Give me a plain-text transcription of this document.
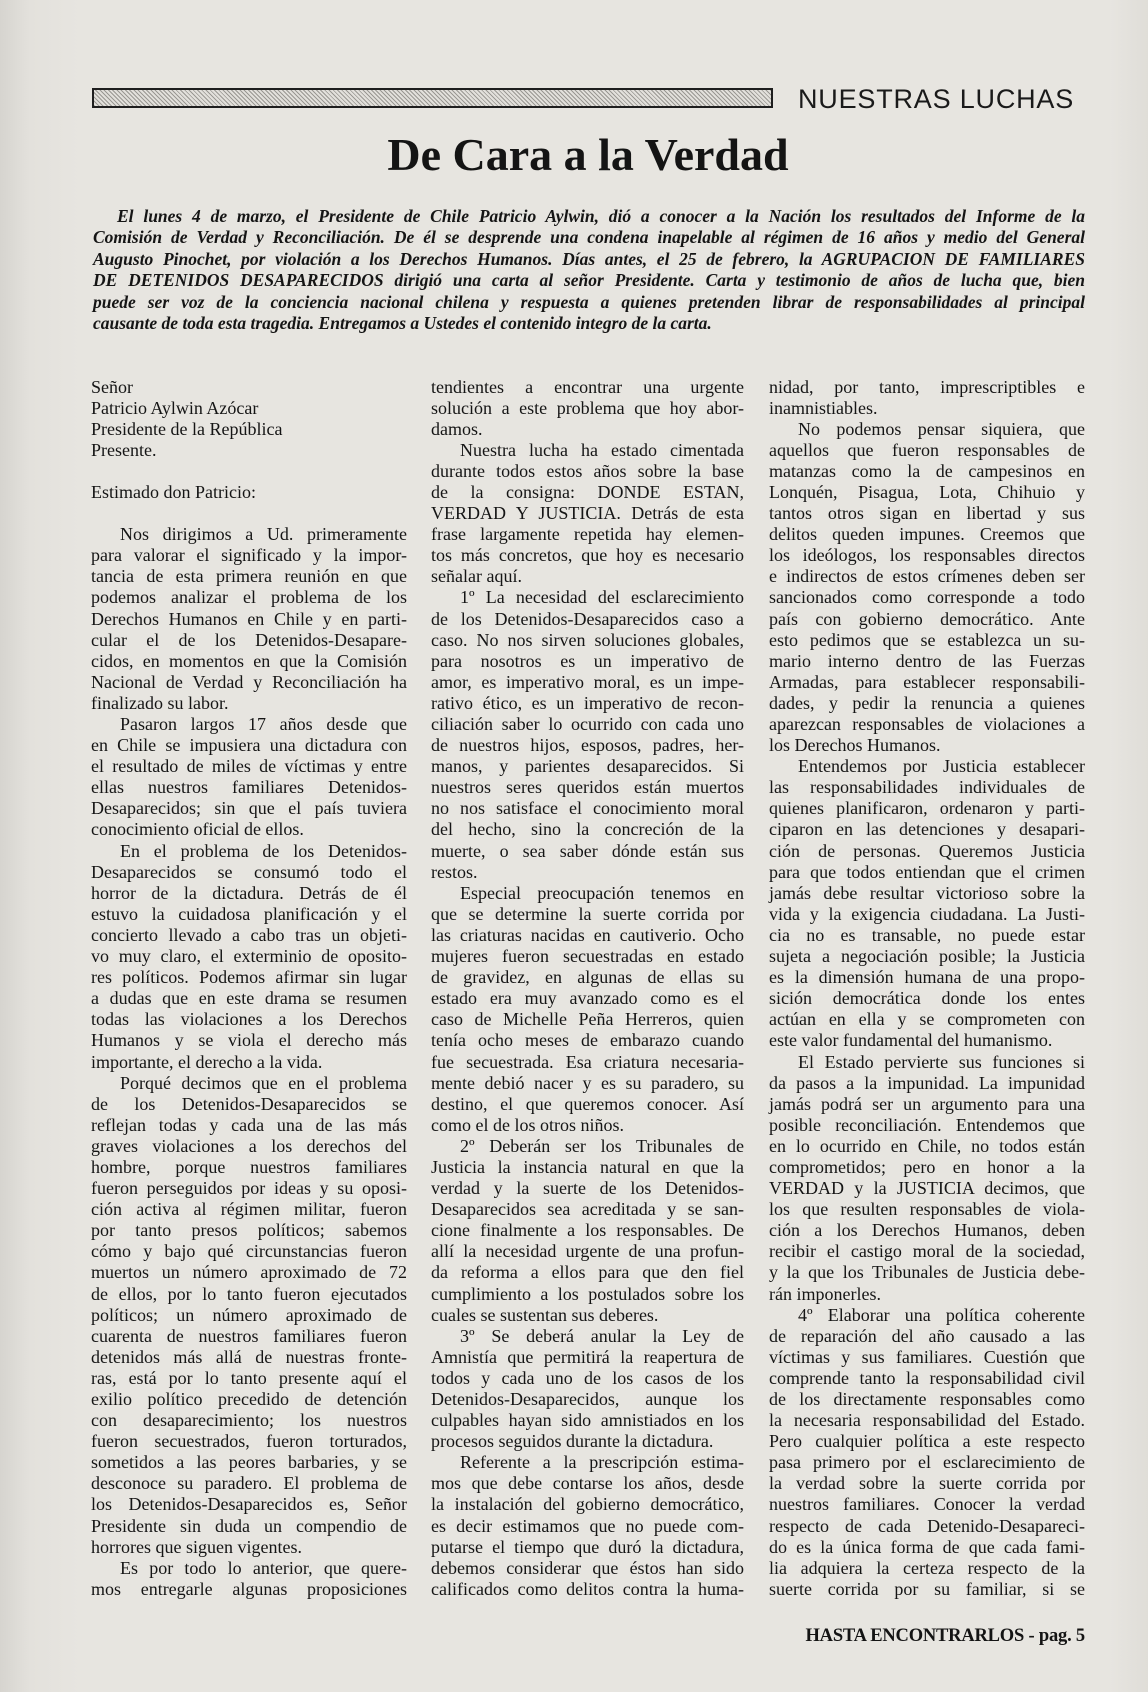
NUESTRAS LUCHAS
De Cara a la Verdad
El lunes 4 de marzo, el Presidente de Chile Patricio Aylwin, dió a conocer a la Nación los resultados del Informe de la
Comisión de Verdad y Reconciliación. De él se desprende una condena inapelable al régimen de 16 años y medio del General
Augusto Pinochet, por violación a los Derechos Humanos. Días antes, el 25 de febrero, la AGRUPACION DE FAMILIARES
DE DETENIDOS DESAPARECIDOS dirigió una carta al señor Presidente. Carta y testimonio de años de lucha que, bien
puede ser voz de la conciencia nacional chilena y respuesta a quienes pretenden librar de responsabilidades al principal
causante de toda esta tragedia. Entregamos a Ustedes el contenido integro de la carta.
Señor
Patricio Aylwin Azócar
Presidente de la República
Presente.
Estimado don Patricio:
Nos dirigimos a Ud. primeramente
para valorar el significado y la impor-
tancia de esta primera reunión en que
podemos analizar el problema de los
Derechos Humanos en Chile y en parti-
cular el de los Detenidos-Desapare-
cidos, en momentos en que la Comisión
Nacional de Verdad y Reconciliación ha
finalizado su labor.
Pasaron largos 17 años desde que
en Chile se impusiera una dictadura con
el resultado de miles de víctimas y entre
ellas nuestros familiares Detenidos-
Desaparecidos; sin que el país tuviera
conocimiento oficial de ellos.
En el problema de los Detenidos-
Desaparecidos se consumó todo el
horror de la dictadura. Detrás de él
estuvo la cuidadosa planificación y el
concierto llevado a cabo tras un objeti-
vo muy claro, el exterminio de oposito-
res políticos. Podemos afirmar sin lugar
a dudas que en este drama se resumen
todas las violaciones a los Derechos
Humanos y se viola el derecho más
importante, el derecho a la vida.
Porqué decimos que en el problema
de los Detenidos-Desaparecidos se
reflejan todas y cada una de las más
graves violaciones a los derechos del
hombre, porque nuestros familiares
fueron perseguidos por ideas y su oposi-
ción activa al régimen militar, fueron
por tanto presos políticos; sabemos
cómo y bajo qué circunstancias fueron
muertos un número aproximado de 72
de ellos, por lo tanto fueron ejecutados
políticos; un número aproximado de
cuarenta de nuestros familiares fueron
detenidos más allá de nuestras fronte-
ras, está por lo tanto presente aquí el
exilio político precedido de detención
con desaparecimiento; los nuestros
fueron secuestrados, fueron torturados,
sometidos a las peores barbaries, y se
desconoce su paradero. El problema de
los Detenidos-Desaparecidos es, Señor
Presidente sin duda un compendio de
horrores que siguen vigentes.
Es por todo lo anterior, que quere-
mos entregarle algunas proposiciones
tendientes a encontrar una urgente
solución a este problema que hoy abor-
damos.
Nuestra lucha ha estado cimentada
durante todos estos años sobre la base
de la consigna: DONDE ESTAN,
VERDAD Y JUSTICIA. Detrás de esta
frase largamente repetida hay elemen-
tos más concretos, que hoy es necesario
señalar aquí.
1º La necesidad del esclarecimiento
de los Detenidos-Desaparecidos caso a
caso. No nos sirven soluciones globales,
para nosotros es un imperativo de
amor, es imperativo moral, es un impe-
rativo ético, es un imperativo de recon-
ciliación saber lo ocurrido con cada uno
de nuestros hijos, esposos, padres, her-
manos, y parientes desaparecidos. Si
nuestros seres queridos están muertos
no nos satisface el conocimiento moral
del hecho, sino la concreción de la
muerte, o sea saber dónde están sus
restos.
Especial preocupación tenemos en
que se determine la suerte corrida por
las criaturas nacidas en cautiverio. Ocho
mujeres fueron secuestradas en estado
de gravidez, en algunas de ellas su
estado era muy avanzado como es el
caso de Michelle Peña Herreros, quien
tenía ocho meses de embarazo cuando
fue secuestrada. Esa criatura necesaria-
mente debió nacer y es su paradero, su
destino, el que queremos conocer. Así
como el de los otros niños.
2º Deberán ser los Tribunales de
Justicia la instancia natural en que la
verdad y la suerte de los Detenidos-
Desaparecidos sea acreditada y se san-
cione finalmente a los responsables. De
allí la necesidad urgente de una profun-
da reforma a ellos para que den fiel
cumplimiento a los postulados sobre los
cuales se sustentan sus deberes.
3º Se deberá anular la Ley de
Amnistía que permitirá la reapertura de
todos y cada uno de los casos de los
Detenidos-Desaparecidos, aunque los
culpables hayan sido amnistiados en los
procesos seguidos durante la dictadura.
Referente a la prescripción estima-
mos que debe contarse los años, desde
la instalación del gobierno democrático,
es decir estimamos que no puede com-
putarse el tiempo que duró la dictadura,
debemos considerar que éstos han sido
calificados como delitos contra la huma-
nidad, por tanto, imprescriptibles e
inamnistiables.
No podemos pensar siquiera, que
aquellos que fueron responsables de
matanzas como la de campesinos en
Lonquén, Pisagua, Lota, Chihuio y
tantos otros sigan en libertad y sus
delitos queden impunes. Creemos que
los ideólogos, los responsables directos
e indirectos de estos crímenes deben ser
sancionados como corresponde a todo
país con gobierno democrático. Ante
esto pedimos que se establezca un su-
mario interno dentro de las Fuerzas
Armadas, para establecer responsabili-
dades, y pedir la renuncia a quienes
aparezcan responsables de violaciones a
los Derechos Humanos.
Entendemos por Justicia establecer
las responsabilidades individuales de
quienes planificaron, ordenaron y parti-
ciparon en las detenciones y desapari-
ción de personas. Queremos Justicia
para que todos entiendan que el crimen
jamás debe resultar victorioso sobre la
vida y la exigencia ciudadana. La Justi-
cia no es transable, no puede estar
sujeta a negociación posible; la Justicia
es la dimensión humana de una propo-
sición democrática donde los entes
actúan en ella y se comprometen con
este valor fundamental del humanismo.
El Estado pervierte sus funciones si
da pasos a la impunidad. La impunidad
jamás podrá ser un argumento para una
posible reconciliación. Entendemos que
en lo ocurrido en Chile, no todos están
comprometidos; pero en honor a la
VERDAD y la JUSTICIA decimos, que
los que resulten responsables de viola-
ción a los Derechos Humanos, deben
recibir el castigo moral de la sociedad,
y la que los Tribunales de Justicia debe-
rán imponerles.
4º Elaborar una política coherente
de reparación del año causado a las
víctimas y sus familiares. Cuestión que
comprende tanto la responsabilidad civil
de los directamente responsables como
la necesaria responsabilidad del Estado.
Pero cualquier política a este respecto
pasa primero por el esclarecimiento de
la verdad sobre la suerte corrida por
nuestros familiares. Conocer la verdad
respecto de cada Detenido-Desapareci-
do es la única forma de que cada fami-
lia adquiera la certeza respecto de la
suerte corrida por su familiar, si se
HASTA ENCONTRARLOS - pag. 5
